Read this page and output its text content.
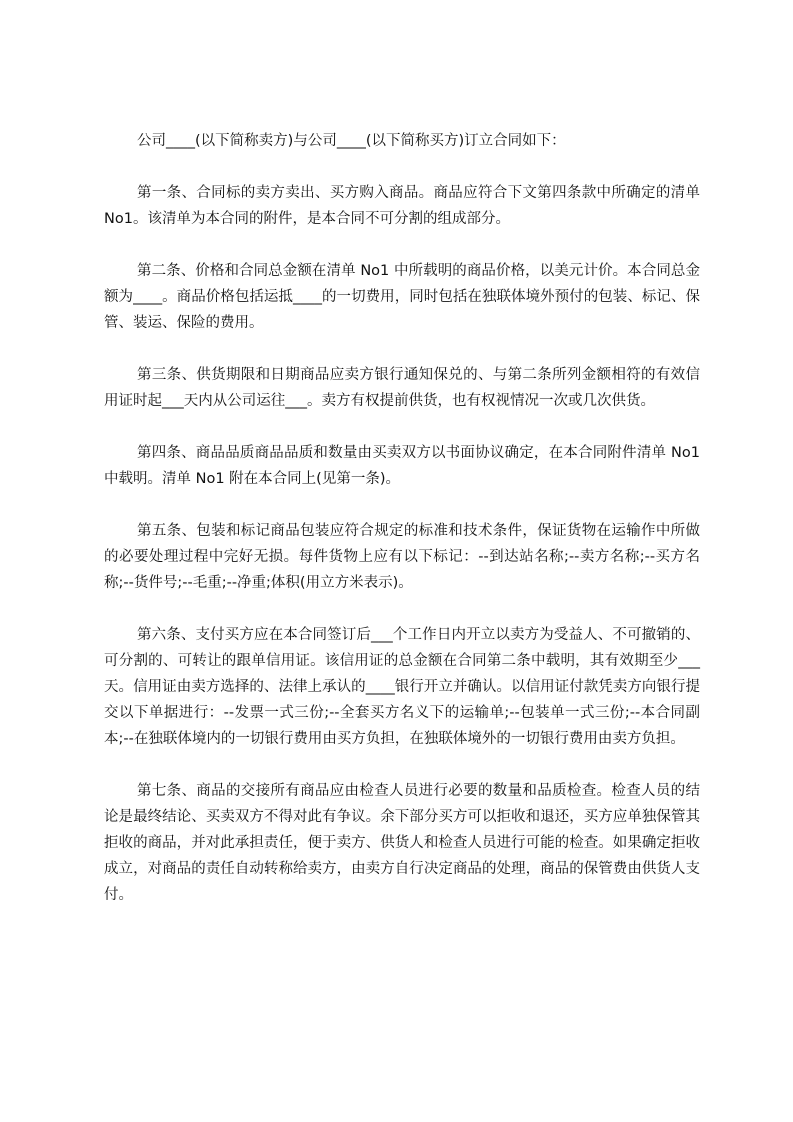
公司____(以下简称卖方)与公司____(以下简称买方)订立合同如下：

第一条、合同标的卖方卖出、买方购入商品。商品应符合下文第四条款中所确定的清单 No1。该清单为本合同的附件，是本合同不可分割的组成部分。

第二条、价格和合同总金额在清单 No1 中所载明的商品价格，以美元计价。本合同总金额为____。商品价格包括运抵____的一切费用，同时包括在独联体境外预付的包装、标记、保管、装运、保险的费用。

第三条、供货期限和日期商品应卖方银行通知保兑的、与第二条所列金额相符的有效信用证时起___天内从公司运往___。卖方有权提前供货，也有权视情况一次或几次供货。

第四条、商品品质商品品质和数量由买卖双方以书面协议确定，在本合同附件清单 No1 中载明。清单 No1 附在本合同上(见第一条)。

第五条、包装和标记商品包装应符合规定的标准和技术条件，保证货物在运输作中所做的必要处理过程中完好无损。每件货物上应有以下标记：--到达站名称;--卖方名称;--买方名称;--货件号;--毛重;--净重;体积(用立方米表示)。

第六条、支付买方应在本合同签订后___个工作日内开立以卖方为受益人、不可撤销的、可分割的、可转让的跟单信用证。该信用证的总金额在合同第二条中载明，其有效期至少___天。信用证由卖方选择的、法律上承认的____银行开立并确认。以信用证付款凭卖方向银行提交以下单据进行：--发票一式三份;--全套买方名义下的运输单;--包装单一式三份;--本合同副本;--在独联体境内的一切银行费用由买方负担，在独联体境外的一切银行费用由卖方负担。

第七条、商品的交接所有商品应由检查人员进行必要的数量和品质检查。检查人员的结论是最终结论、买卖双方不得对此有争议。余下部分买方可以拒收和退还，买方应单独保管其拒收的商品，并对此承担责任，便于卖方、供货人和检查人员进行可能的检查。如果确定拒收成立，对商品的责任自动转称给卖方，由卖方自行决定商品的处理，商品的保管费由供货人支付。
